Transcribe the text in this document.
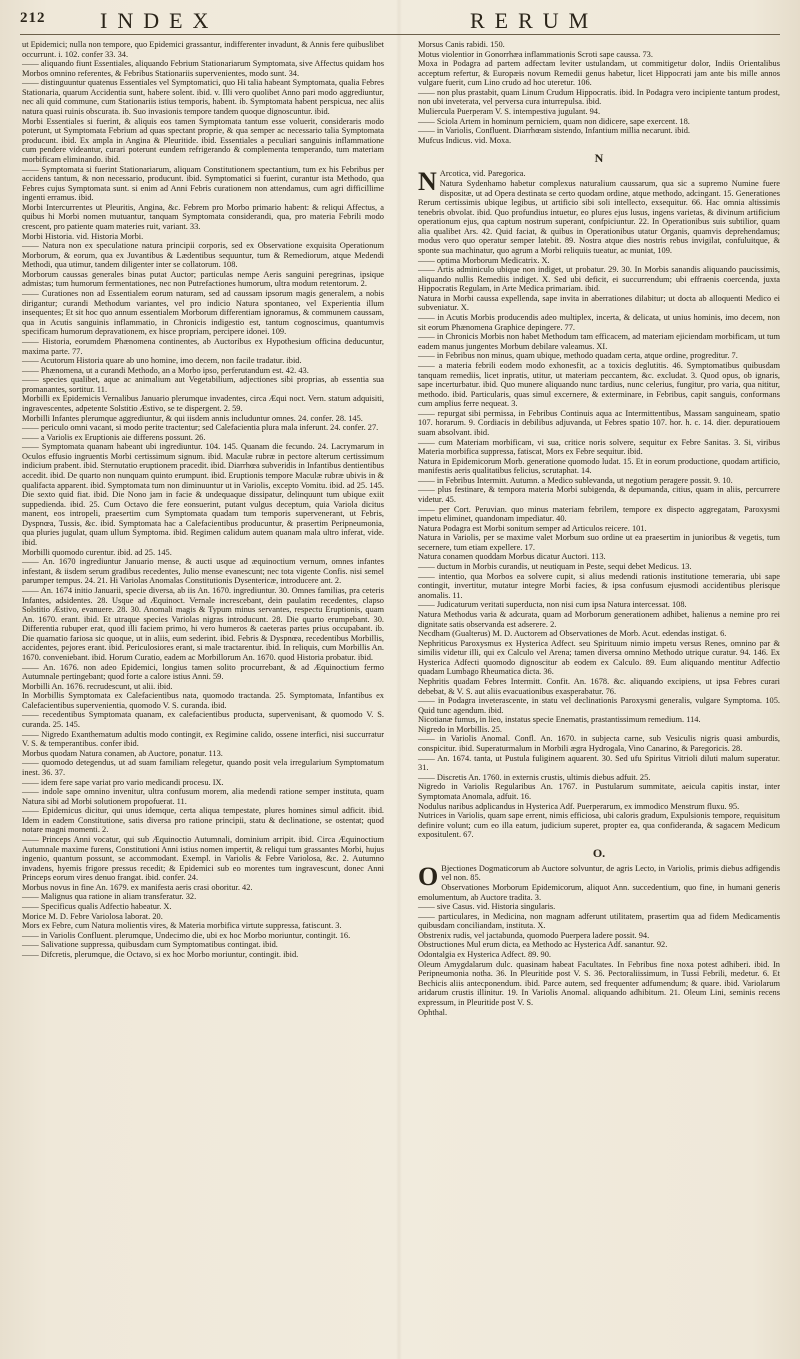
212 INDEX	RERUM

ut Epidemici; nulla non tempore, quo Epidemici grassantur, indifferenter invadunt, & Annis fere quibuslibet occurrunt. i. 102. confer 33. 34.

—— aliquando fiunt Essentiales, aliquando Febrium Stationariarum Symptomata, sive Affectus quidam hos Morbos omnino referentes, & Febribus Stationariis supervenientes, modo sunt. 34.

—— distinguuntur quatenus Essentiales vel Symptomatici, quo Hi talia habeant Symptomata, qualia Febres Stationaria, quarum Accidentia sunt, habere solent. ibid. v. Illi vero quolibet Anno pari modo aggrediuntur, nec ali quid commune, cum Stationariis istius temporis, habent. ib. Symptomata habent perspicua, nec aliis natura quasi ruinis obscurata. ib. Suo invasionis tempore tandem quoque dignoscuntur. ibid.

Morbi Essentiales si fuerint, & aliquis eos tamen Symptomata tantum esse voluerit, consideraris modo poterunt, ut Symptomata Febrium ad quas spectant proprie, & qua semper ac necessario talia Symptomata producunt. ibid. Ex ampla in Angina & Pleuritide. ibid. Essentiales a peculiari sanguinis inflammatione cum pendere videantur, curari poterunt eundem refrigerando & complementa temperando, tum materiam morbificam eliminando. ibid.

—— Symptomata si fuerint Stationariarum, aliquam Constitutionem spectantium, tum ex his Febribus per accidens tantum, & non necessario, producunt. ibid. Symptomatici si fuerint, curantur ista Methodo, qua Febres cujus Symptomata sunt. si enim ad Anni Febris curationem non attendamus, cum agri difficillime ingenti erramus. ibid.

Morbi Intercurrentes ut Pleuritis, Angina, &c. Febrem pro Morbo primario habent: & reliqui Affectus, a quibus hi Morbi nomen mutuantur, tanquam Symptomata considerandi, qua, pro materia Febrili modo crescent, pro patiente quam materies ruit, variant. 33.

Morbi Historia. vid. Historia Morbi.

—— Natura non ex speculatione natura principii corporis, sed ex Observatione exquisita Operationum Morborum, & eorum, qua ex Juvantibus & Lædentibus sequuntur, tum & Remediorum, atque Medendi Methodi, qua utimur, tandem diligenter inter se collatorum. 108.

Morborum caussas generales binas putat Auctor; particulas nempe Aeris sanguini peregrinas, ipsique admistas; tum humorum fermentationes, nec non Putrefactiones humorum, ultra modum retentorum. 2.

—— Curationes non ad Essentialem eorum naturam, sed ad caussam ipsorum magis generalem, a nobis dirigantur; curandi Methodum variantes, vel pro indicio Natura spontaneo, vel Experientia illum insequentes; Et sit hoc quo annum essentialem Morborum differentiam ignoramus, & communem caussam, qua in Acutis sanguinis inflammatio, in Chronicis indigestio est, tantum cognoscimus, quantumvis specificam humorum depravationem, ex hisce propriam, percipere idonei. 109.

—— Historia, eorumdem Phænomena continentes, ab Auctoribus ex Hypothesium officina deducuntur, maxima parte. 77.

—— Acutorum Historia quare ab uno homine, imo decem, non facile tradatur. ibid.

—— Phænomena, ut a curandi Methodo, an a Morbo ipso, perferutandum est. 42. 43.

—— species qualibet, aque ac animalium aut Vegetabilium, adjectiones sibi proprias, ab essentia sua promanantes, sortitur. 11.

Morbilli ex Epidemicis Vernalibus Januario plerumque invadentes, circa Æqui noct. Vern. statum adquisiti, ingravescentes, adpetente Solstitio Æstivo, se te dispergent. 2. 59.

Morbilli Infantes plerumque aggrediuntur, & qui iisdem annis includuntur omnes. 24. confer. 28. 145.

—— periculo omni vacant, si modo perite tractentur; sed Calefacientia plura mala inferunt. 24. confer. 27.

—— a Variolis ex Eruptionis aie differens possunt. 26.

—— Symptomata quanam habeant ubi ingrediuntur. 104. 145. Quanam die fecundo. 24. Lacrymarum in Oculos effusio ingruentis Morbi certissimum signum. ibid. Maculæ rubræ in pectore alterum certissimum indicium prabent. ibid. Sternutatio eruptionem pracedit. ibid. Diarrhœa subveridis in Infantibus dentientibus accedit. ibid. De quarto non nunquam quinto erumpunt. ibid. Eruptionis tempore Maculæ rubræ ubivis in & qualifacta apparent. ibid. Symptomata tum non diminuuntur ut in Variolis, excepto Vomitu. ibid. ad 25. 145. Die sexto quid fiat. ibid. Die Nono jam in facie & undequaque dissipatur, delinquunt tum ubique exiit suppedienda. ibid. 25. Cum Octavo die fere eonsuerint, putant vulgus deceptum, quia Variola dicitus manent, eos intropeli, praesertim cum Symptomata quadam tum temporis supervenerant, ut Febris, Dyspnœa, Tussis, &c. ibid. Symptomata hac a Calefacientibus producuntur, & prasertim Peripneumonia, qua pluries jugulat, quam ullum Symptoma. ibid. Regimen calidum autem quanam mala ultro inferat, vide. ibid.

Morbilli quomodo curentur. ibid. ad 25. 145.

—— An. 1670 ingrediuntur Januario mense, & aucti usque ad æquinoctium vernum, omnes infantes infestant, & iisdem serum gradibus recedentes, Julio mense evanescunt; nec tota vigente Confis. nisi semel parumper tempus. 24. 21. Hi Variolas Anomalas Constitutionis Dysentericæ, introducere ant. 2.

—— An. 1674 initio Januarii, specie diversa, ab iis An. 1670. ingrediuntur. 30. Omnes familias, pra ceteris Infantes, adsidentes. 28. Usque ad Æquinoct. Vernale increscebant, dein paulatim recedentes, clapso Solstitio Æstivo, evanuere. 28. 30. Anomali magis & Typum minus servantes, respectu Eruptionis, quam An. 1670. erant. ibid. Et utraque species Variolas nigras introducunt. 28. Die quarto erumpebant. 30. Differentia rubuper erat, quod illi faciem primo, hi vero humeros & caeteras partes prius occupabant. ib. Die quamatio fariosa sic quoque, ut in aliis, eum sederint. ibid. Febris & Dyspnœa, recedentibus Morbillis, accidentes, pejores erant. ibid. Periculosiores erant, si male tractarentur. ibid. In reliquis, cum Morbillis An. 1670. conveniebant. ibid. Horum Curatio, eadem ac Morbillorum An. 1670. quod Historia probatur. ibid.

—— An. 1676. non adeo Epidemici, longius tamen solito procurrebant, & ad Æquinoctium fermo Autumnale pertingebant; quod forte a calore istius Anni. 59.

Morbilli An. 1676. recrudescunt, ut alii. ibid.

In Morbillis Symptomata ex Calefacientibus nata, quomodo tractanda. 25. Symptomata, Infantibus ex Calefacientibus supervenientia, quomodo V. S. curanda. ibid.

—— recedentibus Symptomata quanam, ex calefacientibus producta, supervenisant, & quomodo V. S. curanda. 25. 145.

—— Nigredo Exanthematum adultis modo contingit, ex Regimine calido, ossene interfici, nisi succurratur V. S. & temperantibus. confer ibid.

Morbus quodam Natura conamen, ab Auctore, ponatur. 113.

—— quomodo detegendus, ut ad suam familiam relegetur, quando posit vela irregularium Symptomatum inest. 36. 37.

—— idem fere sape variat pro vario medicandi procesu. IX.

—— indole sape omnino invenitur, ultra confusum morem, alia medendi ratione semper instituta, quam Natura sibi ad Morbi solutionem propofuerat. 11.

—— Epidemicus dicitur, qui unus idemque, certa aliqua tempestate, plures homines simul adficit. ibid. Idem in eadem Constitutione, satis diversa pro ratione principii, statu & declinatione, se ostentat; quod notare magni momenti. 2.

—— Princeps Anni vocatur, qui sub Æquinoctio Autumnali, dominium arripit. ibid. Circa Æquinoctium Autumnale maxime furens, Constitutioni Anni istius nomen impertit, & reliqui tum grassantes Morbi, hujus ingenio, quantum possunt, se accommodant. Exempl. in Variolis & Febre Variolosa, &c. 2. Autumno invadens, hyemis frigore pressus recedit; & Epidemici sub eo morentes tum ingravescunt, donec Anni Princeps eorum vires denuo frangat. ibid. confer. 24.

Morbus novus in fine An. 1679. ex manifesta aeris crasi oboritur. 42.

—— Malignus qua ratione in aliam transferatur. 32.

—— Specificus qualis Adfectio habeatur. X.

Morice M. D. Febre Variolosa laborat. 20.

Mors ex Febre, cum Natura molientis vires, & Materia morbifica virtute suppressa, fatiscunt. 3.

—— in Variolis Confluent. plerumque, Undecimo die, ubi ex hoc Morbo moriuntur, contingit. 16.

—— Salivatione suppressa, quibusdam cum Symptomatibus contingat. ibid.

—— Difcretis, plerumque, die Octavo, si ex hoc Morbo moriuntur, contingit. ibid.

Morsus Canis rabidi. 150.

Motus violentior in Gonorrhæa inflammationis Scroti sape caussa. 73.

Moxa in Podagra ad partem adfectam leviter ustulandam, ut commitigetur dolor, Indiis Orientalibus acceptum refertur, & Europæis novum Remedii genus habetur, licet Hippocrati jam ante bis mille annos vulgare fuerit, cum Lino crudo ad hoc uteretur. 106.

—— non plus prastabit, quam Linum Crudum Hippocratis. ibid. In Podagra vero incipiente tantum prodest, non ubi inveterata, vel perversa cura inturrepulsa. ibid.

Muliercula Puerperam V. S. intempestiva jugulant. 94.

—— Sciola Artem in hominum perniciem, quam non didicere, sape exercent. 18.

—— in Variolis, Confluent. Diarrhœam sistendo, Infantium millia necarunt. ibid.

Mufcus Indicus. vid. Moxa.

N

N Arcotica, vid. Paregorica.

Natura Sydenhamo habetur complexus naturalium caussarum, qua sic a supremo Numine fuere dispositæ, ut ad Opera destinata se certo quodam ordine, atque methodo, adcingant. 15. Generationes Rerum certissimis ubique legibus, ut artificio sibi soli intellecto, exsequitur. 66. Hac omnia altissimis tenebris obvolat. ibid. Quo profundius intuetur, eo plures ejus lusus, ingens varietas, & divinum artificium operationum ejus, qua captum nostrum superant, confpiciuntur. 22. In Operationibus suis subtilior, quam alia qualibet Ars. 42. Quid faciat, & quibus in Operationibus utatur Organis, quamvis deprehendamus; modus vero quo operatur semper latebit. 89. Nostra atque dies nostris rebus invigilat, confuluitque, & sponte sua machinatur, quo agrum a Morbi reliquiis tueatur, ac muniat, 109.

—— optima Morborum Medicatrix. X.

—— Artis adminiculo ubique non indiget, ut probatur. 29. 30. In Morbis sanandis aliquando paucissimis, aliquando nullis Remediis indiget. X. Sed ubi deficit, ei succurrendum; ubi effraenis coercenda, juxta Hippocratis Regulam, in Arte Medica primariam. ibid.

Natura in Morbi caussa expellenda, sape invita in aberrationes dilabitur; ut docta ab alloquenti Medico ei subveniatur. X.

—— in Acutis Morbis producendis adeo multiplex, incerta, & delicata, ut unius hominis, imo decem, non sit eorum Phænomena Graphice depingere. 77.

—— in Chronicis Morbis non habet Methodum tam efficacem, ad materiam ejiciendam morbificam, ut tum eadem manus jungentes Morbum debilare valeamus. XI.

—— in Febribus non minus, quam ubique, methodo quadam certa, atque ordine, progreditur. 7.

—— a materia febrili eodem modo exhonesfit, ac a toxicis deglutitis. 46. Symptomatibus quibusdam tanquam remediis, licet inpratis, utitur, ut materiam peccantem, &c. excludat. 3. Quod opus, ob ignaris, sape incerturbatur. ibid. Quo munere aliquando nunc tardius, nunc celerius, fungitur, pro varia, qua nititur, methodo. ibid. Particularis, quas simul excernere, & exterminare, in Febribus, capit sanguis, conformans cum amplius ferre nequeat. 3.

—— repurgat sibi permissa, in Febribus Continuis aqua ac Intermittentibus, Massam sanguineam, spatio 107. horarum. 9. Cordiacis in debilibus adjuvanda, ut Febres spatio 107. hor. h. c. 14. dier. depuratiouem suam absolvant. ibid.

—— cum Materiam morbificam, vi sua, critice noris solvere, sequitur ex Febre Sanitas. 3. Si, viribus Materia morbifica suppressa, fatiscat, Mors ex Febre sequitur. ibid.

Natura in Epidemicorum Morb. generatione quomodo ludat. 15. Et in eorum productione, quodam artificio, manifestis aeris qualitatibus felicius, scrutaphat. 14.

—— in Febribus Intermitt. Autumn. a Medico sublevanda, ut negotium peragere possit. 9. 10.

—— plus festinare, & tempora materia Morbi subigenda, & depumanda, citius, quam in aliis, percurrere videtur. 45.

—— per Cort. Peruvian. quo minus materiam febrilem, tempore ex dispecto aggregatam, Paroxysmi impetu eliminet, quandonam impediatur. 40.

Natura Podagra est Morbi sonitum semper ad Articulos reicere. 101.

Natura in Variolis, per se maxime valet Morbum suo ordine ut ea praesertim in junioribus & vegetis, tum secernere, tum etiam expellere. 17.

Natura conamen quoddam Morbus dicatur Auctori. 113.

—— ductum in Morbis curandis, ut neutiquam in Peste, sequi debet Medicus. 13.

—— intentio, qua Morbos ea solvere cupit, si alius medendi rationis institutione temeraria, ubi sape contingit, invertitur, mutatur integre Morbi facies, & ipsa confusum ejusmodi accidentibus plerisque anomalis. 11.

—— Judicaturum veritati superducta, non nisi cum ipsa Natura intercessat. 108.

Natura Methodus varia & adcurata, quam ad Morborum generationem adhibet, halienus a nemine pro rei dignitate satis observanda est adserere. 2.

Necdham (Gualterus) M. D. Auctorem ad Observationes de Morb. Acut. edendas instigat. 6.

Nephriticus Paroxysmus ex Hysterica Adfect. seu Spirituum nimio impetu versus Renes, omnino par & similis videtur illi, qui ex Calculo vel Arena; tamen diversa omnino Methodo utrique curatur. 94. 146. Ex Hysterica Adfecti quomodo dignoscitur ab eodem ex Calculo. 89. Eum aliquando mentitur Adfectio quadam Lumbago Rheumatica dicta. 36.

Nephritis quadam Febres Intermitt. Confit. An. 1678. &c. aliquando excipiens, ut ipsa Febres curari debebat, & V. S. aut aliis evacuationibus exasperabatur. 76.

—— in Podagra inveterascente, in statu vel declinationis Paroxysmi generalis, vulgare Symptoma. 105. Quid tunc agendum. ibid.

Nicotianæ fumus, in lieo, instatus specie Enematis, prastantissimum remedium. 114.

Nigredo in Morbillis. 25.

—— in Variolis Anomal. Confl. An. 1670. in subjecta carne, sub Vesiculis nigris quasi amburdis, conspicitur. ibid. Superaturmalum in Morbili ægra Hydrogala, Vino Canarino, & Paregoricis. 28.

—— An. 1674. tanta, ut Pustula fuliginem aquarent. 30. Sed ufu Spiritus Vitrioli diluti malum superatur. 31.

—— Discretis An. 1760. in externis crustis, ultimis diebus adfuit. 25.

Nigredo in Variolis Regularibus An. 1767. in Pustularum summitate, aeicula capitis instar, inter Symptomata Anomala, adfuit. 16.

Nodulus naribus adplicandus in Hysterica Adf. Puerperarum, ex immodico Menstrum fluxu. 95.

Nutrices in Variolis, quam sape errent, nimis efficiosa, ubi caloris gradum, Expulsionis tempore, requisitum definire volunt; cum eo illa eatum, judicium superet, propter ea, qua confideranda, & sagacem Medicum expositulent. 67.

O.

O Bjectiones Dogmaticorum ab Auctore solvuntur, de agris Lecto, in Variolis, primis diebus adfigendis vel non. 85.

Observationes Morborum Epidemicorum, aliquot Ann. succedentium, quo fine, in humani generis emolumentum, ab Auctore tradita. 3.

—— sive Casus. vid. Historia singularis.

—— particulares, in Medicina, non magnam adferunt utilitatem, prasertim qua ad fidem Medicamentis quibusdam conciliandam, instituta. X.

Obstrenix rudis, vel jactabunda, quomodo Puerpera ladere possit. 94.

Obstructiones Mul erum dicta, ea Methodo ac Hysterica Adf. sanantur. 92.

Odontalgia ex Hysterica Adfect. 89. 90.

Oleum Amygdalarum dulc. quasinam habeat Facultates. In Febribus fine noxa potest adhiberi. ibid. In Peripneumonia notha. 36. In Pleuritide post V. S. 36. Pectoraliissimum, in Tussi Febrili, medetur. 6. Et Bechicis aliis antecponendum. ibid. Parce autem, sed frequenter adfumendum; & quare. ibid. Variolarum aridarum crustis illinitur. 19. In Variolis Anomal. aliquando adhibitum. 21. Oleum Lini, seminis recens expressum, in Pleuritide post V. S.

Ophthal.
